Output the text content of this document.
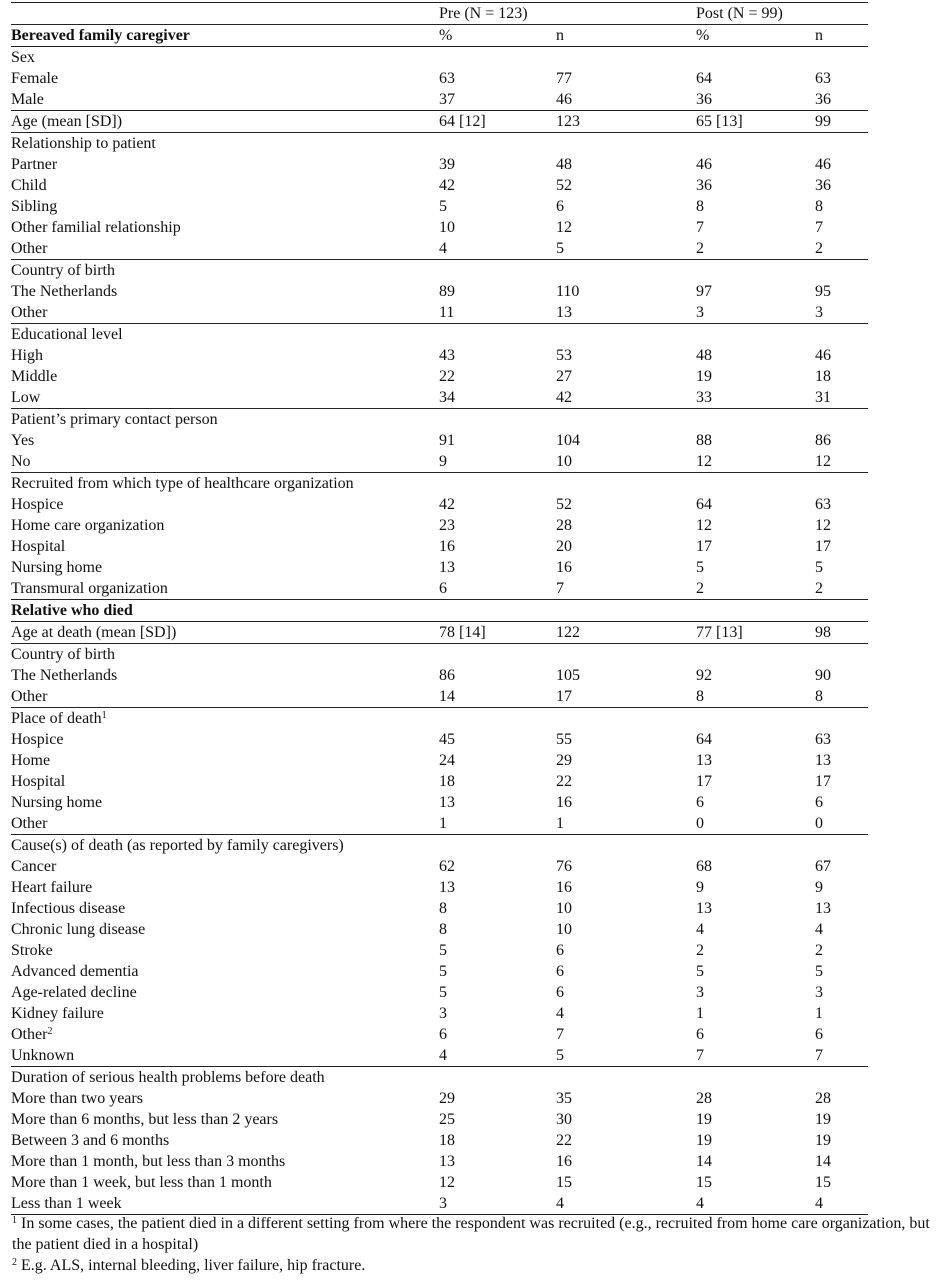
	Pre (N = 123)		Post (N = 99)	
Bereaved family caregiver	%	n	%	n
Sex				
Female	63	77	64	63
Male	37	46	36	36
Age (mean [SD])	64 [12]	123	65 [13]	99
Relationship to patient				
Partner	39	48	46	46
Child	42	52	36	36
Sibling	5	6	8	8
Other familial relationship	10	12	7	7
Other	4	5	2	2
Country of birth				
The Netherlands	89	110	97	95
Other	11	13	3	3
Educational level				
High	43	53	48	46
Middle	22	27	19	18
Low	34	42	33	31
Patient’s primary contact person				
Yes	91	104	88	86
No	9	10	12	12
Recruited from which type of healthcare organization				
Hospice	42	52	64	63
Home care organization	23	28	12	12
Hospital	16	20	17	17
Nursing home	13	16	5	5
Transmural organization	6	7	2	2
Relative who died				
Age at death (mean [SD])	78 [14]	122	77 [13]	98
Country of birth				
The Netherlands	86	105	92	90
Other	14	17	8	8
Place of death$^1$				
Hospice	45	55	64	63
Home	24	29	13	13
Hospital	18	22	17	17
Nursing home	13	16	6	6
Other	1	1	0	0
Cause(s) of death (as reported by family caregivers)				
Cancer	62	76	68	67
Heart failure	13	16	9	9
Infectious disease	8	10	13	13
Chronic lung disease	8	10	4	4
Stroke	5	6	2	2
Advanced dementia	5	6	5	5
Age-related decline	5	6	3	3
Kidney failure	3	4	1	1
Other$^2$	6	7	6	6
Unknown	4	5	7	7
Duration of serious health problems before death				
More than two years	29	35	28	28
More than 6 months, but less than 2 years	25	30	19	19
Between 3 and 6 months	18	22	19	19
More than 1 month, but less than 3 months	13	16	14	14
More than 1 week, but less than 1 month	12	15	15	15
Less than 1 week	3	4	4	4

$^1$ In some cases, the patient died in a different setting from where the respondent was recruited (e.g., recruited from home care organization, but the patient died in a hospital)

$^2$ E.g. ALS, internal bleeding, liver failure, hip fracture.
